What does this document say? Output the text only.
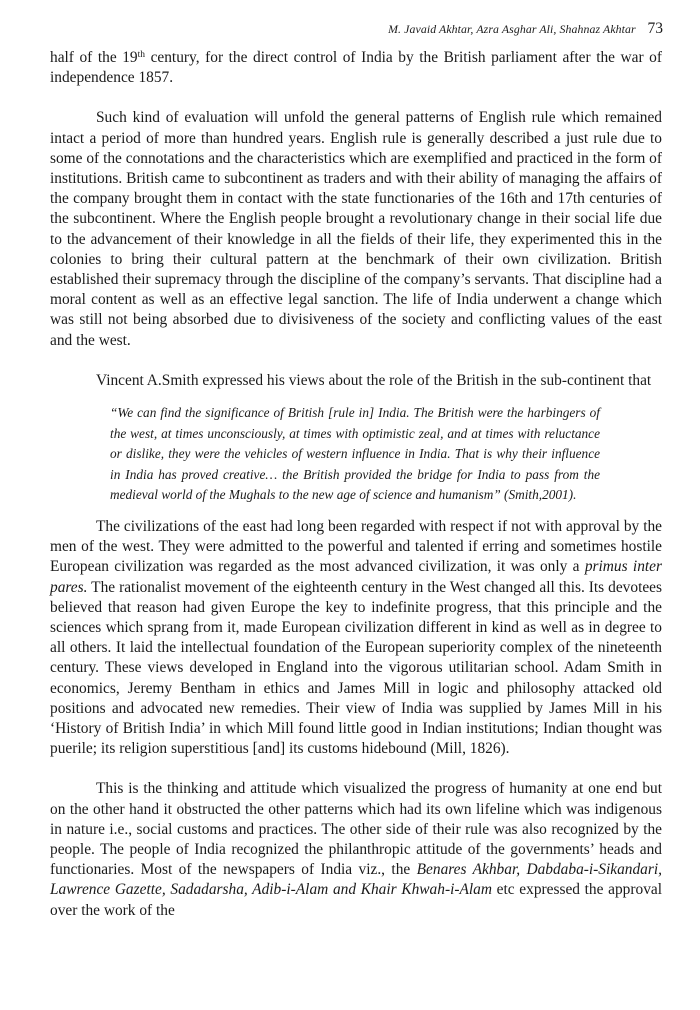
M. Javaid Akhtar, Azra Asghar Ali, Shahnaz Akhtar 73

half of the 19th century, for the direct control of India by the British parliament after the war of independence 1857.

Such kind of evaluation will unfold the general patterns of English rule which remained intact a period of more than hundred years. English rule is generally described a just rule due to some of the connotations and the characteristics which are exemplified and practiced in the form of institutions. British came to subcontinent as traders and with their ability of managing the affairs of the company brought them in contact with the state functionaries of the 16th and 17th centuries of the subcontinent. Where the English people brought a revolutionary change in their social life due to the advancement of their knowledge in all the fields of their life, they experimented this in the colonies to bring their cultural pattern at the benchmark of their own civilization. British established their supremacy through the discipline of the company’s servants. That discipline had a moral content as well as an effective legal sanction. The life of India underwent a change which was still not being absorbed due to divisiveness of the society and conflicting values of the east and the west.

Vincent A.Smith expressed his views about the role of the British in the sub-continent that

“We can find the significance of British [rule in] India. The British were the harbingers of the west, at times unconsciously, at times with optimistic zeal, and at times with reluctance or dislike, they were the vehicles of western influence in India. That is why their influence in India has proved creative… the British provided the bridge for India to pass from the medieval world of the Mughals to the new age of science and humanism” (Smith,2001).

The civilizations of the east had long been regarded with respect if not with approval by the men of the west. They were admitted to the powerful and talented if erring and sometimes hostile European civilization was regarded as the most advanced civilization, it was only a primus inter pares. The rationalist movement of the eighteenth century in the West changed all this. Its devotees believed that reason had given Europe the key to indefinite progress, that this principle and the sciences which sprang from it, made European civilization different in kind as well as in degree to all others. It laid the intellectual foundation of the European superiority complex of the nineteenth century. These views developed in England into the vigorous utilitarian school. Adam Smith in economics, Jeremy Bentham in ethics and James Mill in logic and philosophy attacked old positions and advocated new remedies. Their view of India was supplied by James Mill in his ‘History of British India’ in which Mill found little good in Indian institutions; Indian thought was puerile; its religion superstitious [and] its customs hidebound (Mill, 1826).

This is the thinking and attitude which visualized the progress of humanity at one end but on the other hand it obstructed the other patterns which had its own lifeline which was indigenous in nature i.e., social customs and practices. The other side of their rule was also recognized by the people. The people of India recognized the philanthropic attitude of the governments’ heads and functionaries. Most of the newspapers of India viz., the Benares Akhbar, Dabdaba-i-Sikandari, Lawrence Gazette, Sadadarsha, Adib-i-Alam and Khair Khwah-i-Alam etc expressed the approval over the work of the
